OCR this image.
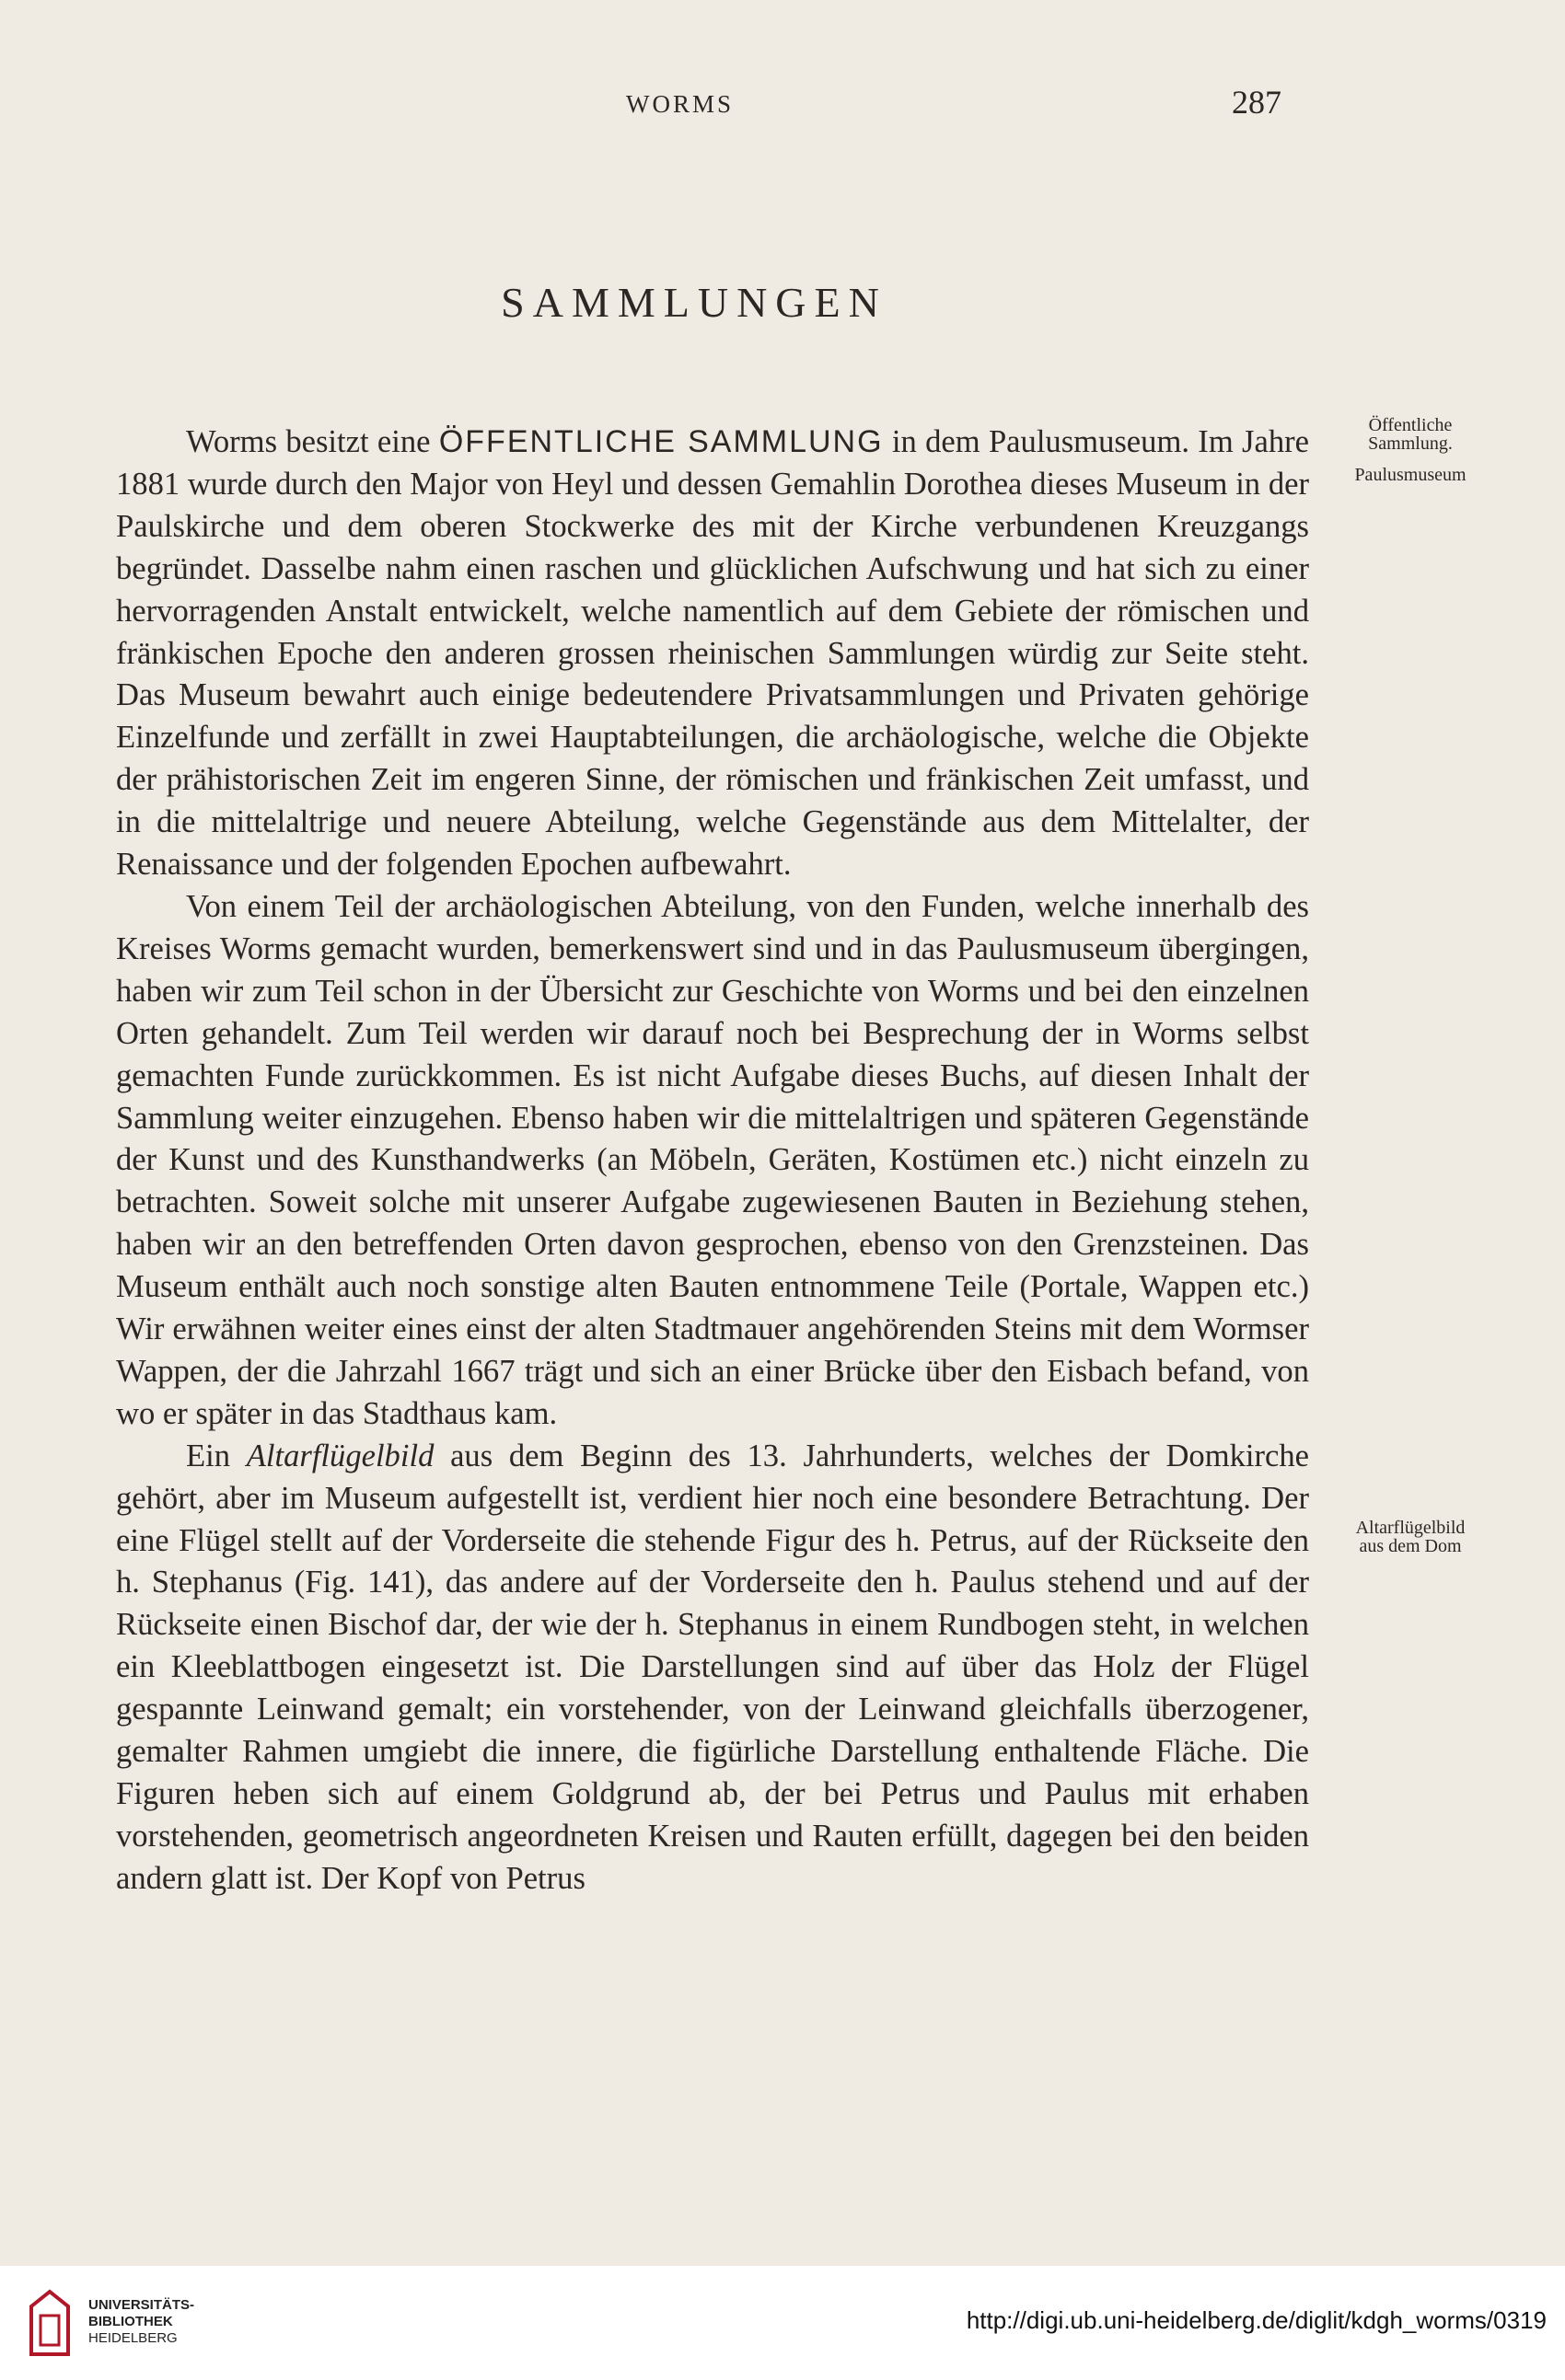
WORMS	287
SAMMLUNGEN
Öffentliche
Sammlung.
Paulusmuseum
Altarflügelbild
aus dem Dom

Worms besitzt eine ÖFFENTLICHE SAMMLUNG in dem Paulusmuseum. Im Jahre 1881 wurde durch den Major von Heyl und dessen Gemahlin Dorothea dieses Museum in der Paulskirche und dem oberen Stockwerke des mit der Kirche verbundenen Kreuzgangs begründet. Dasselbe nahm einen raschen und glücklichen Aufschwung und hat sich zu einer hervorragenden Anstalt entwickelt, welche namentlich auf dem Gebiete der römischen und fränkischen Epoche den anderen grossen rheinischen Sammlungen würdig zur Seite steht. Das Museum bewahrt auch einige bedeutendere Privatsammlungen und Privaten gehörige Einzelfunde und zerfällt in zwei Hauptabteilungen, die archäologische, welche die Objekte der prähistorischen Zeit im engeren Sinne, der römischen und fränkischen Zeit umfasst, und in die mittelaltrige und neuere Abteilung, welche Gegenstände aus dem Mittelalter, der Renaissance und der folgenden Epochen aufbewahrt.

Von einem Teil der archäologischen Abteilung, von den Funden, welche innerhalb des Kreises Worms gemacht wurden, bemerkenswert sind und in das Paulusmuseum übergingen, haben wir zum Teil schon in der Übersicht zur Geschichte von Worms und bei den einzelnen Orten gehandelt. Zum Teil werden wir darauf noch bei Besprechung der in Worms selbst gemachten Funde zurückkommen. Es ist nicht Aufgabe dieses Buchs, auf diesen Inhalt der Sammlung weiter einzugehen. Ebenso haben wir die mittelaltrigen und späteren Gegenstände der Kunst und des Kunsthandwerks (an Möbeln, Geräten, Kostümen etc.) nicht einzeln zu betrachten. Soweit solche mit unserer Aufgabe zugewiesenen Bauten in Beziehung stehen, haben wir an den betreffenden Orten davon gesprochen, ebenso von den Grenzsteinen. Das Museum enthält auch noch sonstige alten Bauten entnommene Teile (Portale, Wappen etc.) Wir erwähnen weiter eines einst der alten Stadtmauer angehörenden Steins mit dem Wormser Wappen, der die Jahrzahl 1667 trägt und sich an einer Brücke über den Eisbach befand, von wo er später in das Stadthaus kam.

Ein Altarflügelbild aus dem Beginn des 13. Jahrhunderts, welches der Domkirche gehört, aber im Museum aufgestellt ist, verdient hier noch eine besondere Betrachtung. Der eine Flügel stellt auf der Vorderseite die stehende Figur des h. Petrus, auf der Rückseite den h. Stephanus (Fig. 141), das andere auf der Vorderseite den h. Paulus stehend und auf der Rückseite einen Bischof dar, der wie der h. Stephanus in einem Rundbogen steht, in welchen ein Kleeblattbogen eingesetzt ist. Die Darstellungen sind auf über das Holz der Flügel gespannte Leinwand gemalt; ein vorstehender, von der Leinwand gleichfalls überzogener, gemalter Rahmen umgiebt die innere, die figürliche Darstellung enthaltende Fläche. Die Figuren heben sich auf einem Goldgrund ab, der bei Petrus und Paulus mit erhaben vorstehenden, geometrisch angeordneten Kreisen und Rauten erfüllt, dagegen bei den beiden andern glatt ist. Der Kopf von Petrus

UNIVERSITÄTS-
BIBLIOTHEK
HEIDELBERG
http://digi.ub.uni-heidelberg.de/diglit/kdgh_worms/0319
